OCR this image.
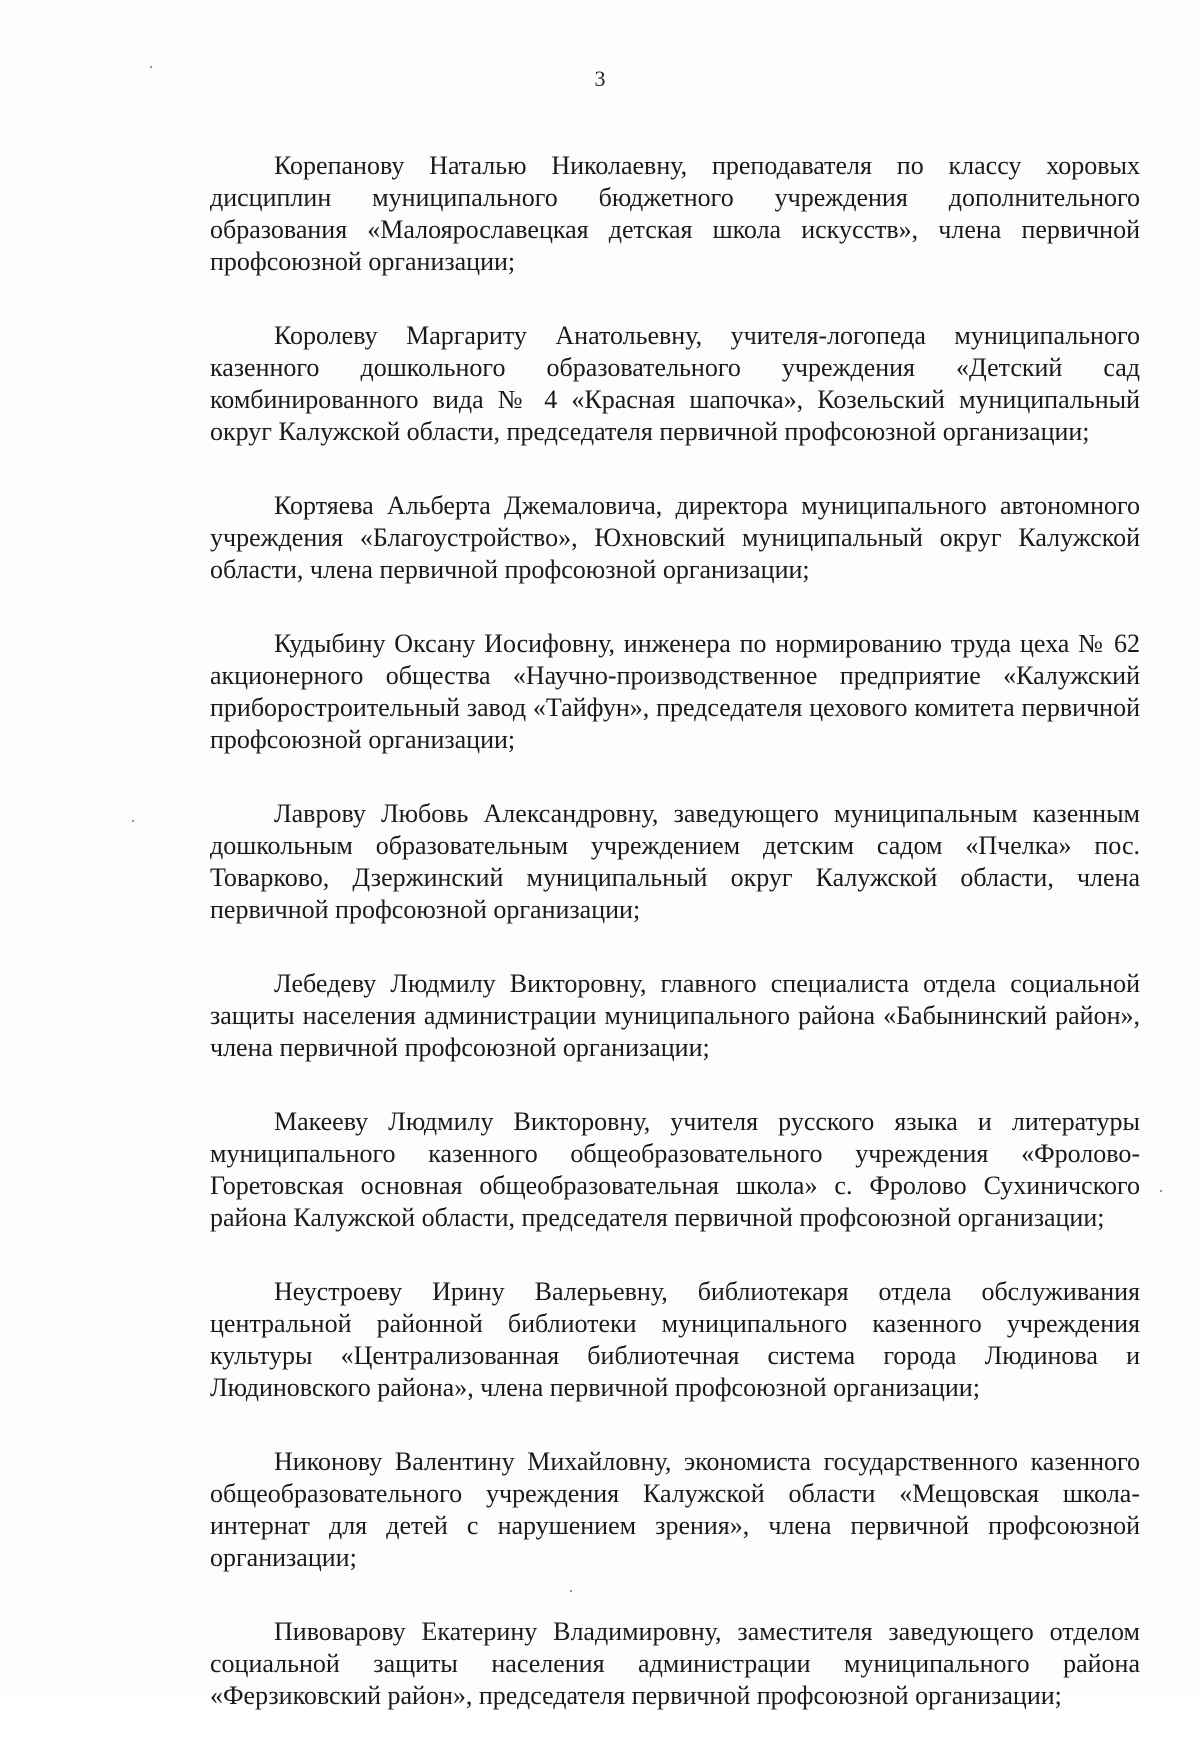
3

Корепанову Наталью Николаевну, преподавателя по классу хоровых дисциплин муниципального бюджетного учреждения дополнительного образования «Малоярославецкая детская школа искусств», члена первичной профсоюзной организации;

Королеву Маргариту Анатольевну, учителя-логопеда муниципального казенного дошкольного образовательного учреждения «Детский сад комбинированного вида № 4 «Красная шапочка», Козельский муниципальный округ Калужской области, председателя первичной профсоюзной организации;

Кортяева Альберта Джемаловича, директора муниципального автономного учреждения «Благоустройство», Юхновский муниципальный округ Калужской области, члена первичной профсоюзной организации;

Кудыбину Оксану Иосифовну, инженера по нормированию труда цеха № 62 акционерного общества «Научно-производственное предприятие «Калужский приборостроительный завод «Тайфун», председателя цехового комитета первичной профсоюзной организации;

Лаврову Любовь Александровну, заведующего муниципальным казенным дошкольным образовательным учреждением детским садом «Пчелка» пос. Товарково, Дзержинский муниципальный округ Калужской области, члена первичной профсоюзной организации;

Лебедеву Людмилу Викторовну, главного специалиста отдела социальной защиты населения администрации муниципального района «Бабынинский район», члена первичной профсоюзной организации;

Макееву Людмилу Викторовну, учителя русского языка и литературы муниципального казенного общеобразовательного учреждения «Фролово-Горетовская основная общеобразовательная школа» с. Фролово Сухиничского района Калужской области, председателя первичной профсоюзной организации;

Неустроеву Ирину Валерьевну, библиотекаря отдела обслуживания центральной районной библиотеки муниципального казенного учреждения культуры «Централизованная библиотечная система города Людинова и Людиновского района», члена первичной профсоюзной организации;

Никонову Валентину Михайловну, экономиста государственного казенного общеобразовательного учреждения Калужской области «Мещовская школа-интернат для детей с нарушением зрения», члена первичной профсоюзной организации;

Пивоварову Екатерину Владимировну, заместителя заведующего отделом социальной защиты населения администрации муниципального района «Ферзиковский район», председателя первичной профсоюзной организации;
